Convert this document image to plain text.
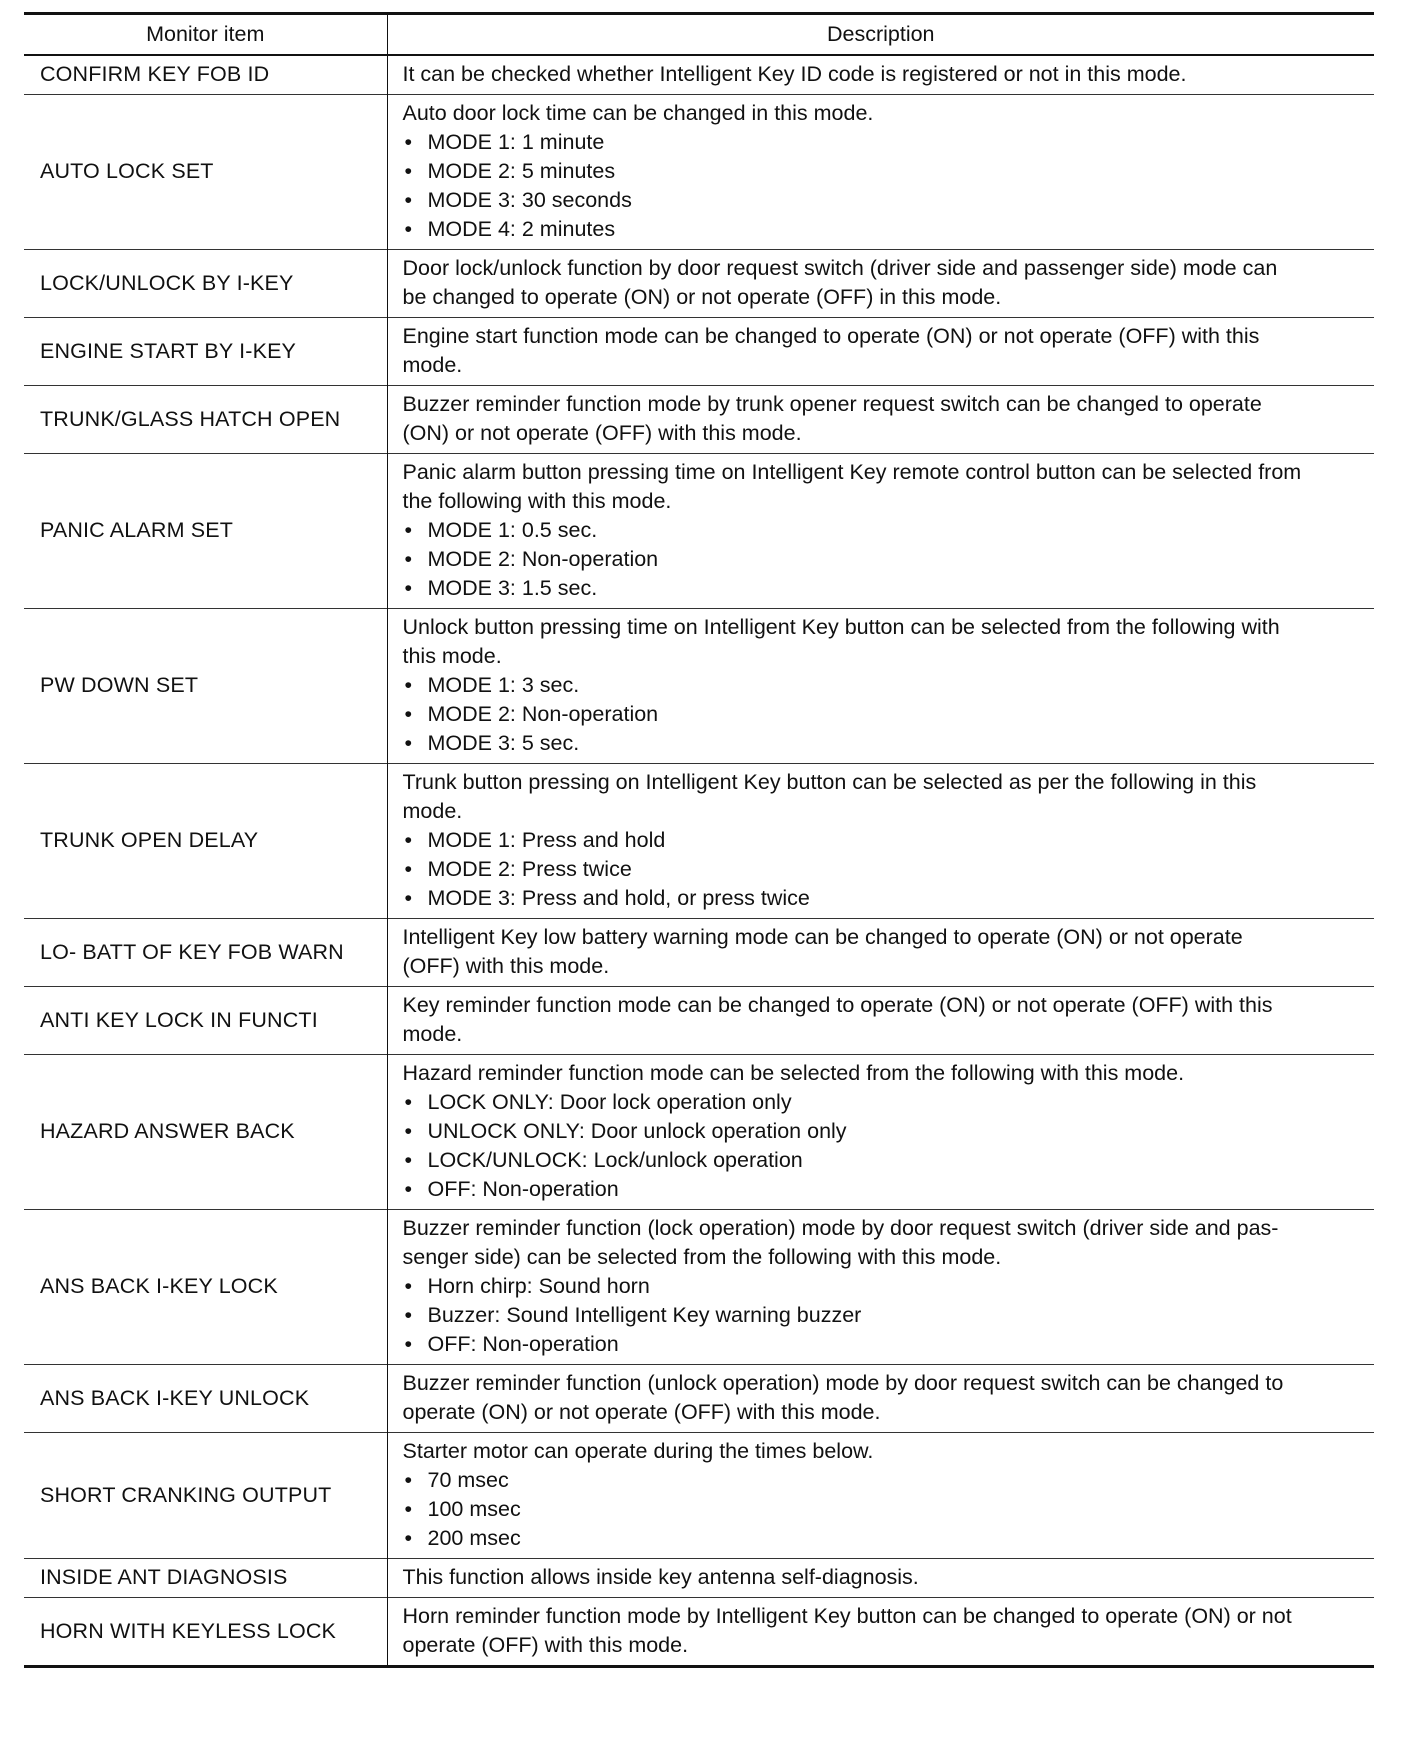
Monitor item	Description
CONFIRM KEY FOB ID	It can be checked whether Intelligent Key ID code is registered or not in this mode.

AUTO LOCK SET	Auto door lock time can be changed in this mode.
• MODE 1: 1 minute
• MODE 2: 5 minutes
• MODE 3: 30 seconds
• MODE 4: 2 minutes

LOCK/UNLOCK BY I-KEY	Door lock/unlock function by door request switch (driver side and passenger side) mode can
be changed to operate (ON) or not operate (OFF) in this mode.

ENGINE START BY I-KEY	Engine start function mode can be changed to operate (ON) or not operate (OFF) with this
mode.

TRUNK/GLASS HATCH OPEN	Buzzer reminder function mode by trunk opener request switch can be changed to operate
(ON) or not operate (OFF) with this mode.

PANIC ALARM SET	Panic alarm button pressing time on Intelligent Key remote control button can be selected from
the following with this mode.
• MODE 1: 0.5 sec.
• MODE 2: Non-operation
• MODE 3: 1.5 sec.

PW DOWN SET	Unlock button pressing time on Intelligent Key button can be selected from the following with
this mode.
• MODE 1: 3 sec.
• MODE 2: Non-operation
• MODE 3: 5 sec.

TRUNK OPEN DELAY	Trunk button pressing on Intelligent Key button can be selected as per the following in this
mode.
• MODE 1: Press and hold
• MODE 2: Press twice
• MODE 3: Press and hold, or press twice

LO- BATT OF KEY FOB WARN	Intelligent Key low battery warning mode can be changed to operate (ON) or not operate
(OFF) with this mode.

ANTI KEY LOCK IN FUNCTI	Key reminder function mode can be changed to operate (ON) or not operate (OFF) with this
mode.

HAZARD ANSWER BACK	Hazard reminder function mode can be selected from the following with this mode.
• LOCK ONLY: Door lock operation only
• UNLOCK ONLY: Door unlock operation only
• LOCK/UNLOCK: Lock/unlock operation
• OFF: Non-operation

ANS BACK I-KEY LOCK	Buzzer reminder function (lock operation) mode by door request switch (driver side and pas-
senger side) can be selected from the following with this mode.
• Horn chirp: Sound horn
• Buzzer: Sound Intelligent Key warning buzzer
• OFF: Non-operation

ANS BACK I-KEY UNLOCK	Buzzer reminder function (unlock operation) mode by door request switch can be changed to
operate (ON) or not operate (OFF) with this mode.

SHORT CRANKING OUTPUT	Starter motor can operate during the times below.
• 70 msec
• 100 msec
• 200 msec

INSIDE ANT DIAGNOSIS	This function allows inside key antenna self-diagnosis.

HORN WITH KEYLESS LOCK	Horn reminder function mode by Intelligent Key button can be changed to operate (ON) or not
operate (OFF) with this mode.
